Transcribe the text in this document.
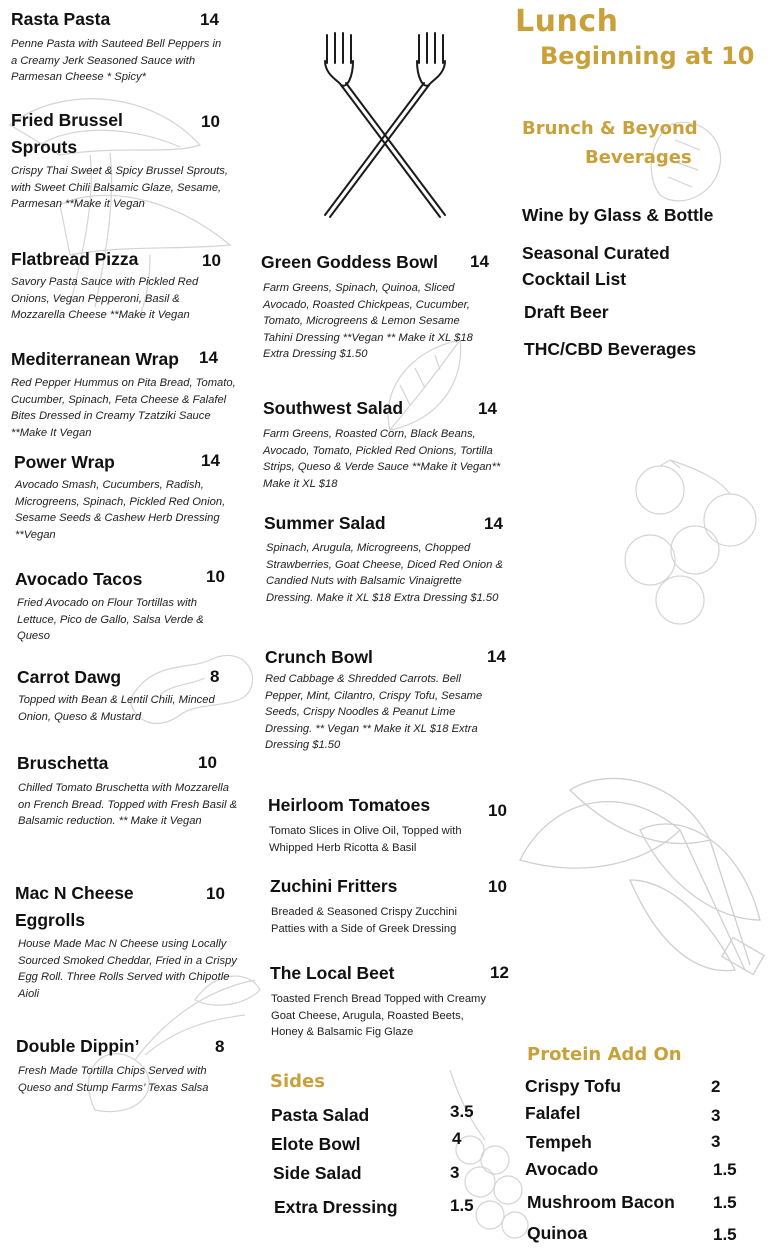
Lunch
Beginning at 10
Rasta Pasta	14
Penne Pasta with Sauteed Bell Peppers in a Creamy Jerk Seasoned Sauce with Parmesan Cheese * Spicy*
Fried Brussel Sprouts
10
Crispy Thai Sweet & Spicy Brussel Sprouts, with Sweet Chili Balsamic Glaze, Sesame, Parmesan **Make it Vegan
Flatbread Pizza	10
Savory Pasta Sauce with Pickled Red Onions, Vegan Pepperoni, Basil & Mozzarella Cheese **Make it Vegan
Mediterranean Wrap 14
Red Pepper Hummus on Pita Bread, Tomato, Cucumber, Spinach, Feta Cheese & Falafel Bites Dressed in Creamy Tzatziki Sauce **Make It Vegan
Power Wrap	14
Avocado Smash, Cucumbers, Radish, Microgreens, Spinach, Pickled Red Onion, Sesame Seeds & Cashew Herb Dressing **Vegan
Avocado Tacos	10
Fried Avocado on Flour Tortillas with Lettuce, Pico de Gallo, Salsa Verde & Queso
Carrot Dawg	8
Topped with Bean & Lentil Chili, Minced Onion, Queso & Mustard
Bruschetta	10
Chilled Tomato Bruschetta with Mozzarella on French Bread. Topped with Fresh Basil & Balsamic reduction. ** Make it Vegan
Mac N Cheese Eggrolls
10
House Made Mac N Cheese using Locally Sourced Smoked Cheddar, Fried in a Crispy Egg Roll. Three Rolls Served with Chipotle Aioli
Double Dippin’	8
Fresh Made Tortilla Chips Served with Queso and Stump Farms’ Texas Salsa
Green Goddess Bowl 14
Farm Greens, Spinach, Quinoa, Sliced Avocado, Roasted Chickpeas, Cucumber, Tomato, Microgreens & Lemon Sesame Tahini Dressing **Vegan ** Make it XL $18 Extra Dressing $1.50
Southwest Salad	14
Farm Greens, Roasted Corn, Black Beans, Avocado, Tomato, Pickled Red Onions, Tortilla Strips, Queso & Verde Sauce **Make it Vegan** Make it XL $18
Summer Salad	14
Spinach, Arugula, Microgreens, Chopped Strawberries, Goat Cheese, Diced Red Onion & Candied Nuts with Balsamic Vinaigrette Dressing. Make it XL $18 Extra Dressing $1.50
Crunch Bowl	14
Red Cabbage & Shredded Carrots. Bell Pepper, Mint, Cilantro, Crispy Tofu, Sesame Seeds, Crispy Noodles & Peanut Lime Dressing. ** Vegan ** Make it XL $18 Extra Dressing $1.50
Heirloom Tomatoes	10
Tomato Slices in Olive Oil, Topped with Whipped Herb Ricotta & Basil
Zuchini Fritters	10
Breaded & Seasoned Crispy Zucchini Patties with a Side of Greek Dressing
The Local Beet	12
Toasted French Bread Topped with Creamy Goat Cheese, Arugula, Roasted Beets, Honey & Balsamic Fig Glaze
Sides
Pasta Salad	3.5
Elote Bowl	4
Side Salad	3
Extra Dressing	1.5
Brunch & Beyond
Beverages
Wine by Glass & Bottle
Seasonal Curated Cocktail List
Draft Beer
THC/CBD Beverages
Protein Add On
Crispy Tofu	2
Falafel	3
Tempeh	3
Avocado	1.5
Mushroom Bacon 1.5
Quinoa	1.5
